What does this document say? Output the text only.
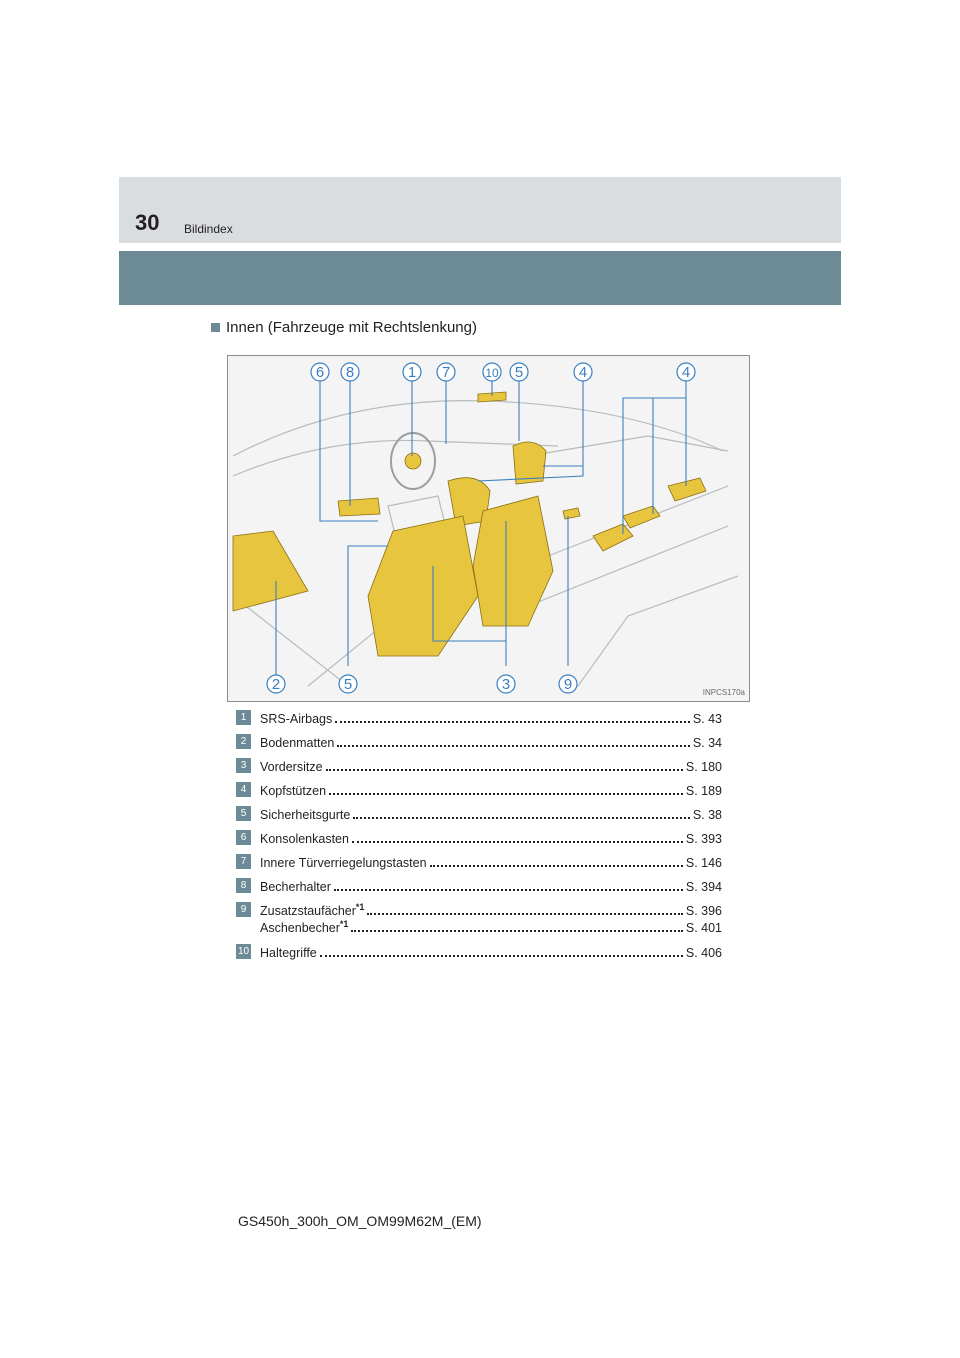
30 Bildindex
Innen (Fahrzeuge mit Rechtslenkung)
6 8	1 7	10 5	4	4
2	5	3	9	INPCS170a
1	SRS-Airbags	S. 43
2	Bodenmatten	S. 34
3	Vordersitze	S. 180
4	Kopfstützen	S. 189
5	Sicherheitsgurte	S. 38
6	Konsolenkasten	S. 393
7	Innere Türverriegelungstasten	S. 146
8	Becherhalter	S. 394
9	Zusatzstaufächer$^{*1}$	S. 396
Aschenbecher$^{*1}$	S. 401
10 Haltegriffe	S. 406
GS450h_300h_OM_OM99M62M_(EM)
